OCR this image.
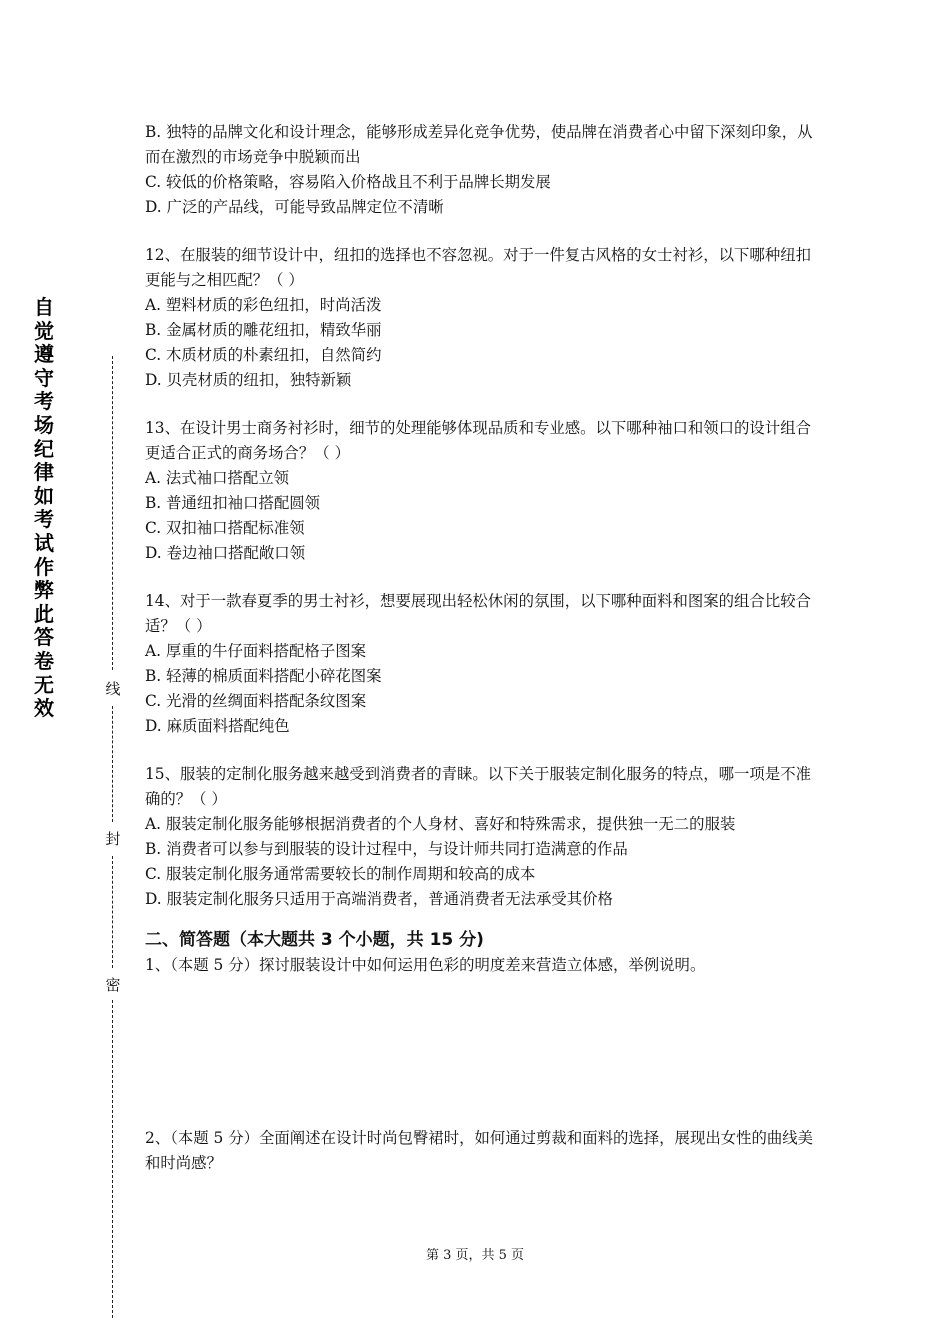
自觉遵守考场纪律如考试作弊此答卷无效
线
封
密

B. 独特的品牌文化和设计理念，能够形成差异化竞争优势，使品牌在消费者心中留下深刻印象，从而在激烈的市场竞争中脱颖而出

C. 较低的价格策略，容易陷入价格战且不利于品牌长期发展

D. 广泛的产品线，可能导致品牌定位不清晰

12、在服装的细节设计中，纽扣的选择也不容忽视。对于一件复古风格的女士衬衫，以下哪种纽扣更能与之相匹配？（ ）

A. 塑料材质的彩色纽扣，时尚活泼

B. 金属材质的雕花纽扣，精致华丽

C. 木质材质的朴素纽扣，自然简约

D. 贝壳材质的纽扣，独特新颖

13、在设计男士商务衬衫时，细节的处理能够体现品质和专业感。以下哪种袖口和领口的设计组合更适合正式的商务场合？（ ）

A. 法式袖口搭配立领

B. 普通纽扣袖口搭配圆领

C. 双扣袖口搭配标准领

D. 卷边袖口搭配敞口领

14、对于一款春夏季的男士衬衫，想要展现出轻松休闲的氛围，以下哪种面料和图案的组合比较合适？（ ）

A. 厚重的牛仔面料搭配格子图案

B. 轻薄的棉质面料搭配小碎花图案

C. 光滑的丝绸面料搭配条纹图案

D. 麻质面料搭配纯色

15、服装的定制化服务越来越受到消费者的青睐。以下关于服装定制化服务的特点，哪一项是不准确的？（ ）

A. 服装定制化服务能够根据消费者的个人身材、喜好和特殊需求，提供独一无二的服装

B. 消费者可以参与到服装的设计过程中，与设计师共同打造满意的作品

C. 服装定制化服务通常需要较长的制作周期和较高的成本

D. 服装定制化服务只适用于高端消费者，普通消费者无法承受其价格

二、简答题（本大题共 3 个小题，共 15 分)

1、（本题 5 分）探讨服装设计中如何运用色彩的明度差来营造立体感，举例说明。

2、（本题 5 分）全面阐述在设计时尚包臀裙时，如何通过剪裁和面料的选择，展现出女性的曲线美和时尚感？

第 3 页，共 5 页
